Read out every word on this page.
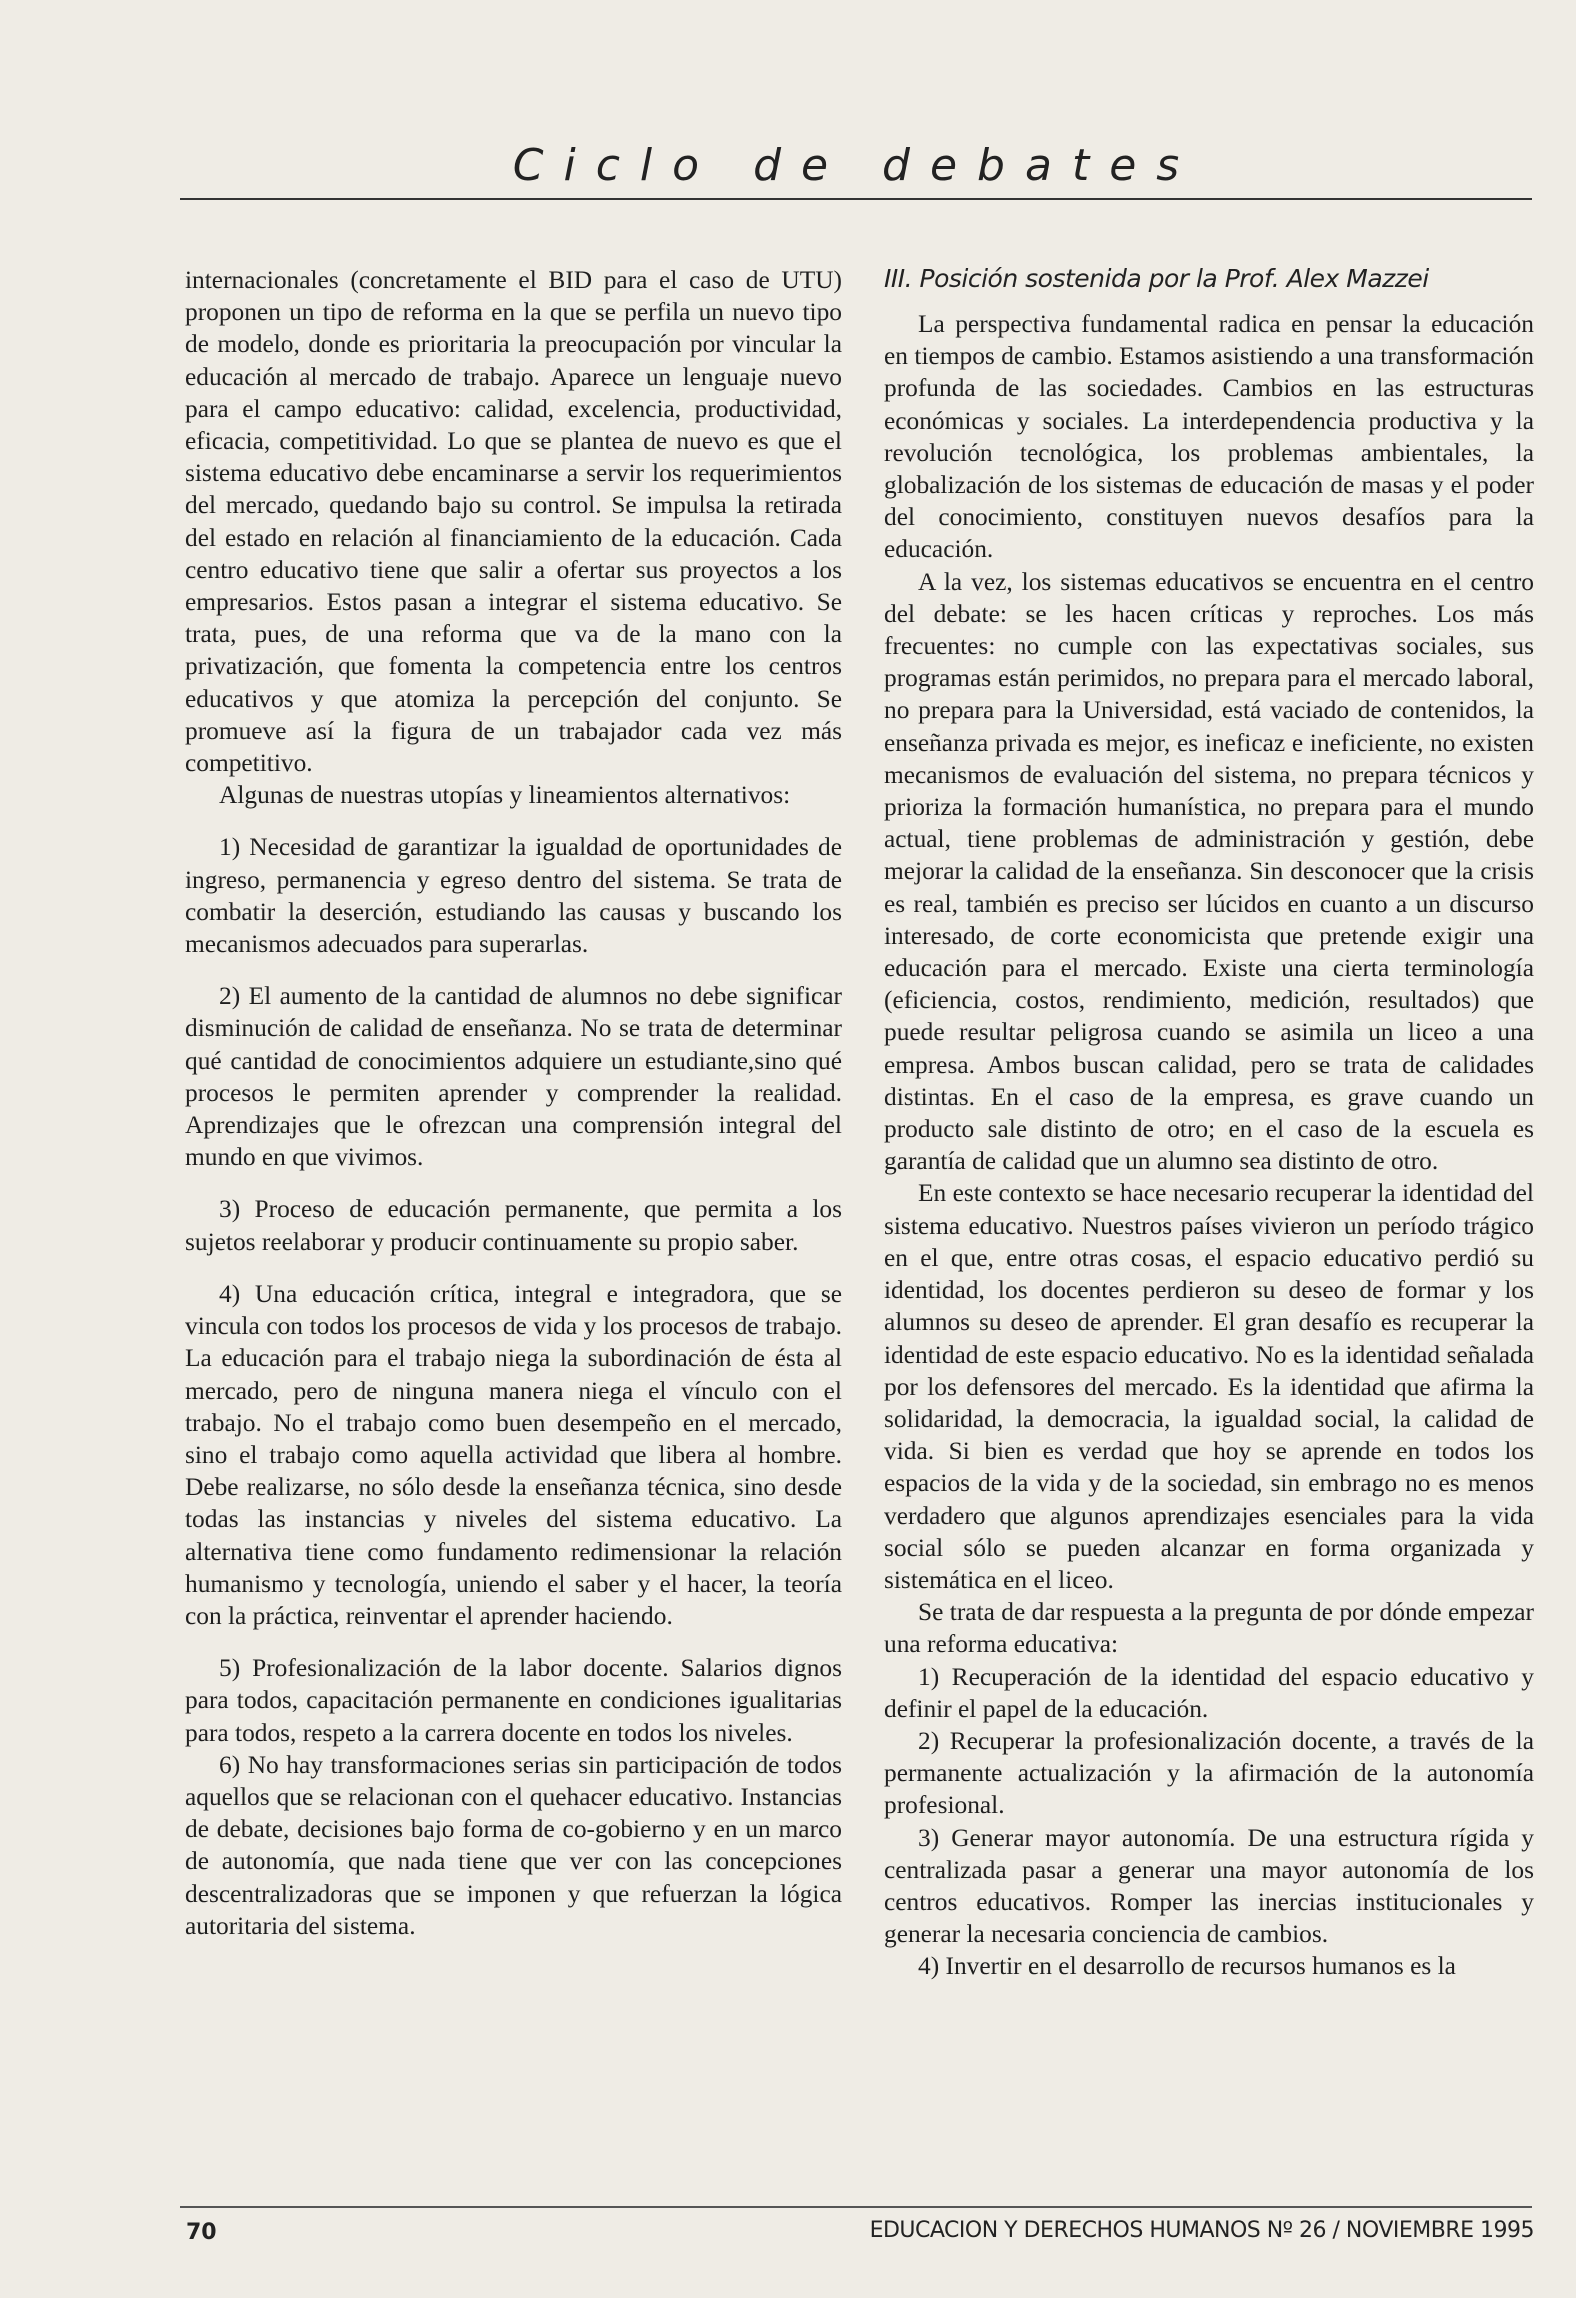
Ciclo de debates

internacionales (concretamente el BID para el caso de UTU) proponen un tipo de reforma en la que se perfila un nuevo tipo de modelo, donde es prioritaria la preocupación por vincular la educación al mercado de trabajo. Aparece un lenguaje nuevo para el campo educativo: calidad, excelencia, productividad, eficacia, competitividad. Lo que se plantea de nuevo es que el sistema educativo debe encaminarse a servir los requerimientos del mercado, quedando bajo su control. Se impulsa la retirada del estado en relación al financiamiento de la educación. Cada centro educativo tiene que salir a ofertar sus proyectos a los empresarios. Estos pasan a integrar el sistema educativo. Se trata, pues, de una reforma que va de la mano con la privatización, que fomenta la competencia entre los centros educativos y que atomiza la percepción del conjunto. Se promueve así la figura de un trabajador cada vez más competitivo.

Algunas de nuestras utopías y lineamientos alternativos:

1) Necesidad de garantizar la igualdad de oportunidades de ingreso, permanencia y egreso dentro del sistema. Se trata de combatir la deserción, estudiando las causas y buscando los mecanismos adecuados para superarlas.

2) El aumento de la cantidad de alumnos no debe significar disminución de calidad de enseñanza. No se trata de determinar qué cantidad de conocimientos adquiere un estudiante,sino qué procesos le permiten aprender y comprender la realidad. Aprendizajes que le ofrezcan una comprensión integral del mundo en que vivimos.

3) Proceso de educación permanente, que permita a los sujetos reelaborar y producir continuamente su propio saber.

4) Una educación crítica, integral e integradora, que se vincula con todos los procesos de vida y los procesos de trabajo. La educación para el trabajo niega la subordinación de ésta al mercado, pero de ninguna manera niega el vínculo con el trabajo. No el trabajo como buen desempeño en el mercado, sino el trabajo como aquella actividad que libera al hombre. Debe realizarse, no sólo desde la enseñanza técnica, sino desde todas las instancias y niveles del sistema educativo. La alternativa tiene como fundamento redimensionar la relación humanismo y tecnología, uniendo el saber y el hacer, la teoría con la práctica, reinventar el aprender haciendo.

5) Profesionalización de la labor docente. Salarios dignos para todos, capacitación permanente en condiciones igualitarias para todos, respeto a la carrera docente en todos los niveles.

6) No hay transformaciones serias sin participación de todos aquellos que se relacionan con el quehacer educativo. Instancias de debate, decisiones bajo forma de co-gobierno y en un marco de autonomía, que nada tiene que ver con las concepciones descentralizadoras que se imponen y que refuerzan la lógica autoritaria del sistema.

III. Posición sostenida por la Prof. Alex Mazzei

La perspectiva fundamental radica en pensar la educación en tiempos de cambio. Estamos asistiendo a una transformación profunda de las sociedades. Cambios en las estructuras económicas y sociales. La interdependencia productiva y la revolución tecnológica, los problemas ambientales, la globalización de los sistemas de educación de masas y el poder del conocimiento, constituyen nuevos desafíos para la educación.

A la vez, los sistemas educativos se encuentra en el centro del debate: se les hacen críticas y reproches. Los más frecuentes: no cumple con las expectativas sociales, sus programas están perimidos, no prepara para el mercado laboral, no prepara para la Universidad, está vaciado de contenidos, la enseñanza privada es mejor, es ineficaz e ineficiente, no existen mecanismos de evaluación del sistema, no prepara técnicos y prioriza la formación humanística, no prepara para el mundo actual, tiene problemas de administración y gestión, debe mejorar la calidad de la enseñanza. Sin desconocer que la crisis es real, también es preciso ser lúcidos en cuanto a un discurso interesado, de corte economicista que pretende exigir una educación para el mercado. Existe una cierta terminología (eficiencia, costos, rendimiento, medición, resultados) que puede resultar peligrosa cuando se asimila un liceo a una empresa. Ambos buscan calidad, pero se trata de calidades distintas. En el caso de la empresa, es grave cuando un producto sale distinto de otro; en el caso de la escuela es garantía de calidad que un alumno sea distinto de otro.

En este contexto se hace necesario recuperar la identidad del sistema educativo. Nuestros países vivieron un período trágico en el que, entre otras cosas, el espacio educativo perdió su identidad, los docentes perdieron su deseo de formar y los alumnos su deseo de aprender. El gran desafío es recuperar la identidad de este espacio educativo. No es la identidad señalada por los defensores del mercado. Es la identidad que afirma la solidaridad, la democracia, la igualdad social, la calidad de vida. Si bien es verdad que hoy se aprende en todos los espacios de la vida y de la sociedad, sin embrago no es menos verdadero que algunos aprendizajes esenciales para la vida social sólo se pueden alcanzar en forma organizada y sistemática en el liceo.

Se trata de dar respuesta a la pregunta de por dónde empezar una reforma educativa:

1) Recuperación de la identidad del espacio educativo y definir el papel de la educación.

2) Recuperar la profesionalización docente, a través de la permanente actualización y la afirmación de la autonomía profesional.

3) Generar mayor autonomía. De una estructura rígida y centralizada pasar a generar una mayor autonomía de los centros educativos. Romper las inercias institucionales y generar la necesaria conciencia de cambios.

4) Invertir en el desarrollo de recursos humanos es la

70	EDUCACION Y DERECHOS HUMANOS Nº 26 / NOVIEMBRE 1995
